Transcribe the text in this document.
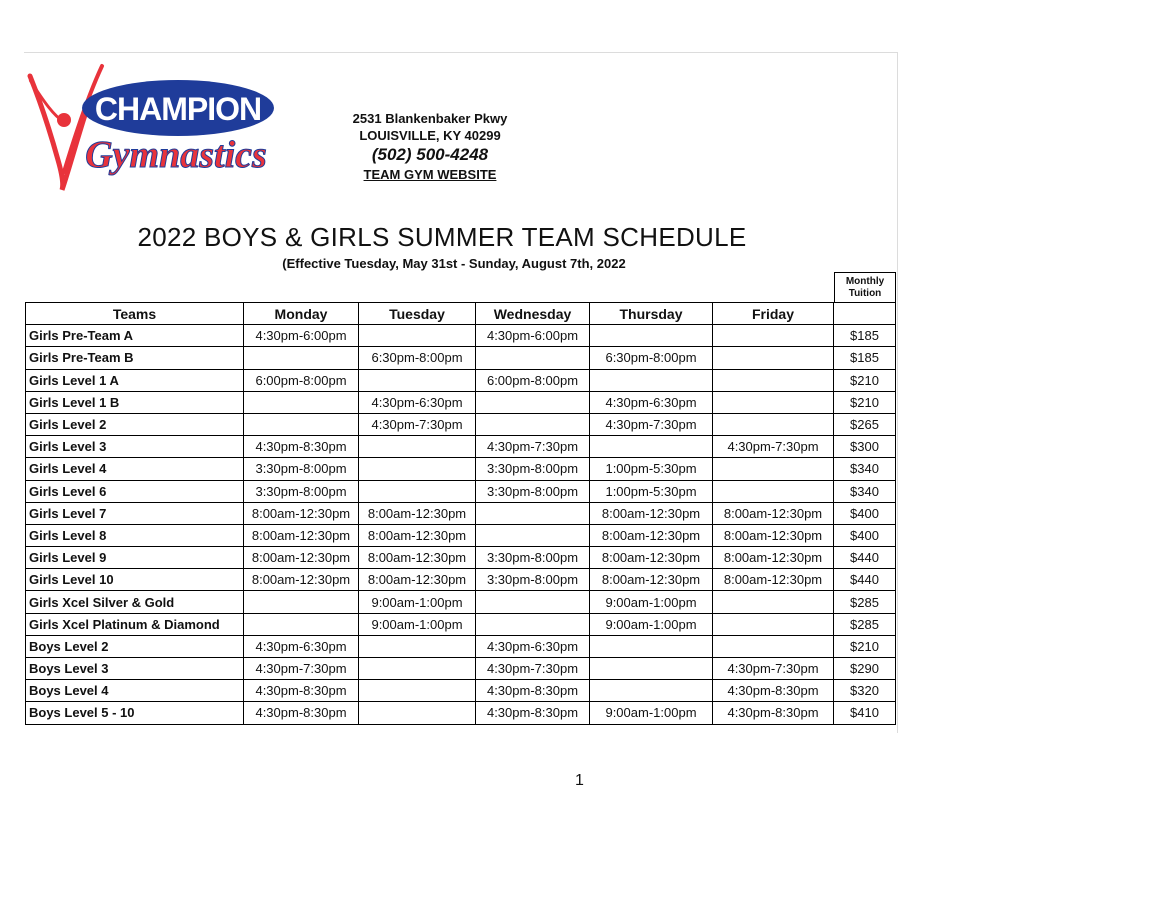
CHAMPION
Gymnastics
2531 Blankenbaker Pkwy
LOUISVILLE, KY 40299
(502) 500-4248
TEAM GYM WEBSITE
2022 BOYS & GIRLS SUMMER TEAM SCHEDULE
(Effective Tuesday, May 31st - Sunday, August 7th, 2022
Monthly
Tuition
Teams	Monday	Tuesday	Wednesday	Thursday	Friday	
Girls Pre-Team A	4:30pm-6:00pm		4:30pm-6:00pm			$185
Girls Pre-Team B		6:30pm-8:00pm		6:30pm-8:00pm		$185
Girls Level 1 A	6:00pm-8:00pm		6:00pm-8:00pm			$210
Girls Level 1 B		4:30pm-6:30pm		4:30pm-6:30pm		$210
Girls Level 2		4:30pm-7:30pm		4:30pm-7:30pm		$265
Girls Level 3	4:30pm-8:30pm		4:30pm-7:30pm		4:30pm-7:30pm	$300
Girls Level 4	3:30pm-8:00pm		3:30pm-8:00pm	1:00pm-5:30pm		$340
Girls Level 6	3:30pm-8:00pm		3:30pm-8:00pm	1:00pm-5:30pm		$340
Girls Level 7	8:00am-12:30pm	8:00am-12:30pm		8:00am-12:30pm	8:00am-12:30pm	$400
Girls Level 8	8:00am-12:30pm	8:00am-12:30pm		8:00am-12:30pm	8:00am-12:30pm	$400
Girls Level 9	8:00am-12:30pm	8:00am-12:30pm	3:30pm-8:00pm	8:00am-12:30pm	8:00am-12:30pm	$440
Girls Level 10	8:00am-12:30pm	8:00am-12:30pm	3:30pm-8:00pm	8:00am-12:30pm	8:00am-12:30pm	$440
Girls Xcel Silver & Gold		9:00am-1:00pm		9:00am-1:00pm		$285
Girls Xcel Platinum & Diamond		9:00am-1:00pm		9:00am-1:00pm		$285
Boys Level 2	4:30pm-6:30pm		4:30pm-6:30pm			$210
Boys Level 3	4:30pm-7:30pm		4:30pm-7:30pm		4:30pm-7:30pm	$290
Boys Level 4	4:30pm-8:30pm		4:30pm-8:30pm		4:30pm-8:30pm	$320
Boys Level 5 - 10	4:30pm-8:30pm		4:30pm-8:30pm	9:00am-1:00pm	4:30pm-8:30pm	$410
1
